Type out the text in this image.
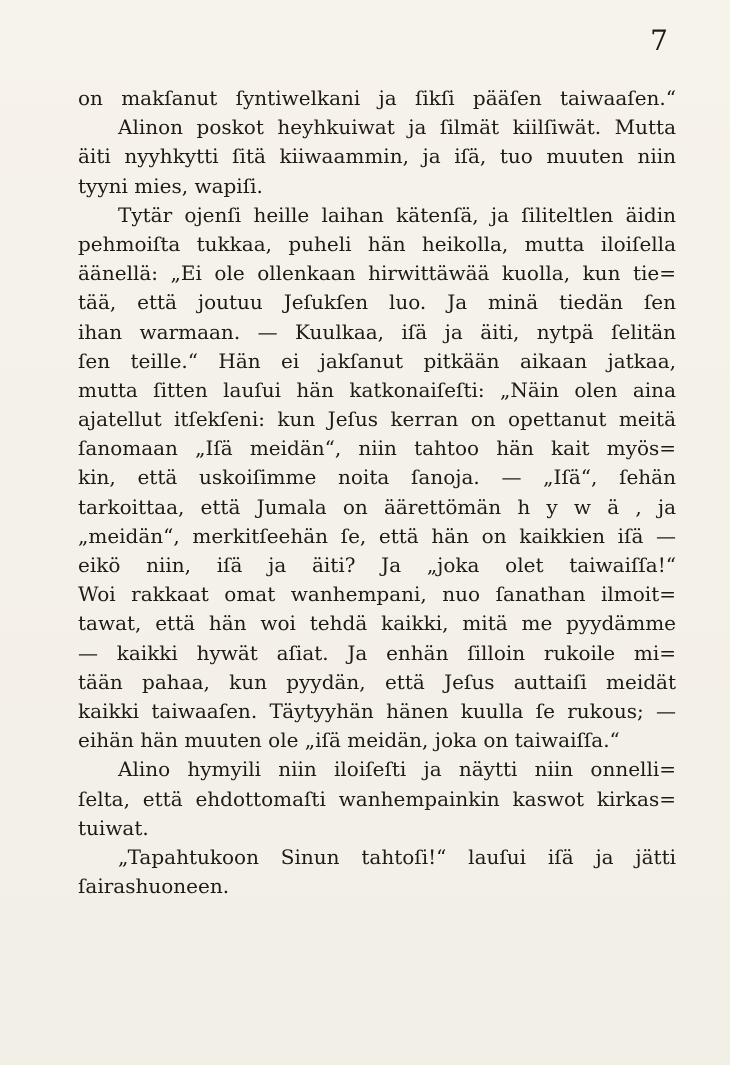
7
on makſanut ſyntiwelkani ja ſikſi pääſen taiwaaſen.“
Alinon poskot heyhkuiwat ja ſilmät kiilſiwät. Mutta
äiti nyyhkytti ſitä kiiwaammin, ja iſä, tuo muuten niin
tyyni mies, wapiſi.
Tytär ojenſi heille laihan kätenſä, ja ſiliteltlen äidin
pehmoiſta tukkaa, puheli hän heikolla, mutta iloiſella
äänellä: „Ei ole ollenkaan hirwittäwää kuolla, kun tie=
tää, että joutuu Jeſukſen luo. Ja minä tiedän ſen
ihan warmaan. — Kuulkaa, iſä ja äiti, nytpä ſelitän
ſen teille.“ Hän ei jakſanut pitkään aikaan jatkaa,
mutta ſitten lauſui hän katkonaiſeſti: „Näin olen aina
ajatellut itſekſeni: kun Jeſus kerran on opettanut meitä
ſanomaan „Iſä meidän“, niin tahtoo hän kait myös=
kin, että uskoiſimme noita ſanoja. — „Iſä“, ſehän
tarkoittaa, että Jumala on äärettömän h y w ä , ja
„meidän“, merkitſeehän ſe, että hän on kaikkien iſä —
eikö niin, iſä ja äiti? Ja „joka olet taiwaiſſa!“
Woi rakkaat omat wanhempani, nuo ſanathan ilmoit=
tawat, että hän woi tehdä kaikki, mitä me pyydämme
— kaikki hywät aſiat. Ja enhän ſilloin rukoile mi=
tään pahaa, kun pyydän, että Jeſus auttaiſi meidät
kaikki taiwaaſen. Täytyyhän hänen kuulla ſe rukous; —
eihän hän muuten ole „iſä meidän, joka on taiwaiſſa.“
Alino hymyili niin iloiſeſti ja näytti niin onnelli=
ſelta, että ehdottomaſti wanhempainkin kaswot kirkas=
tuiwat.
„Tapahtukoon Sinun tahtoſi!“ lauſui iſä ja jätti
ſairashuoneen.
